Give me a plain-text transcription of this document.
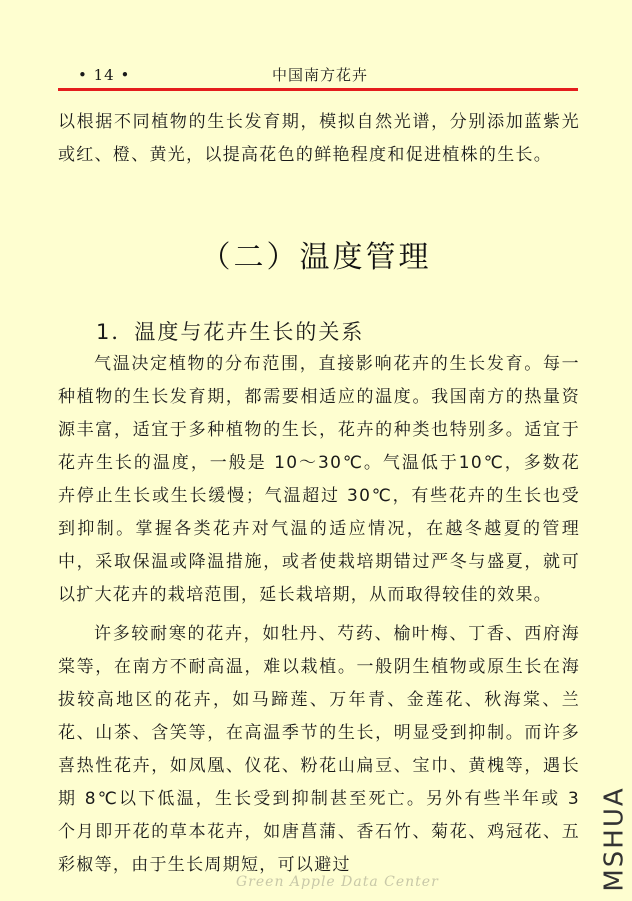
• 14 •	中国南方花卉

以根据不同植物的生长发育期，模拟自然光谱，分别添加蓝紫光或红、橙、黄光，以提高花色的鲜艳程度和促进植株的生长。

（二）温度管理
1．温度与花卉生长的关系

气温决定植物的分布范围，直接影响花卉的生长发育。每一种植物的生长发育期，都需要相适应的温度。我国南方的热量资源丰富，适宜于多种植物的生长，花卉的种类也特别多。适宜于花卉生长的温度，一般是 10～30℃。气温低于10℃，多数花卉停止生长或生长缓慢；气温超过 30℃，有些花卉的生长也受到抑制。掌握各类花卉对气温的适应情况，在越冬越夏的管理中，采取保温或降温措施，或者使栽培期错过严冬与盛夏，就可以扩大花卉的栽培范围，延长栽培期，从而取得较佳的效果。

许多较耐寒的花卉，如牡丹、芍药、榆叶梅、丁香、西府海棠等，在南方不耐高温，难以栽植。一般阴生植物或原生长在海拔较高地区的花卉，如马蹄莲、万年青、金莲花、秋海棠、兰花、山茶、含笑等，在高温季节的生长，明显受到抑制。而许多喜热性花卉，如凤凰、仪花、粉花山扁豆、宝巾、黄槐等，遇长期 8℃以下低温，生长受到抑制甚至死亡。另外有些半年或 3 个月即开花的草本花卉，如唐菖蒲、香石竹、菊花、鸡冠花、五彩椒等，由于生长周期短，可以避过	MSHUA
Green Apple Data Center
